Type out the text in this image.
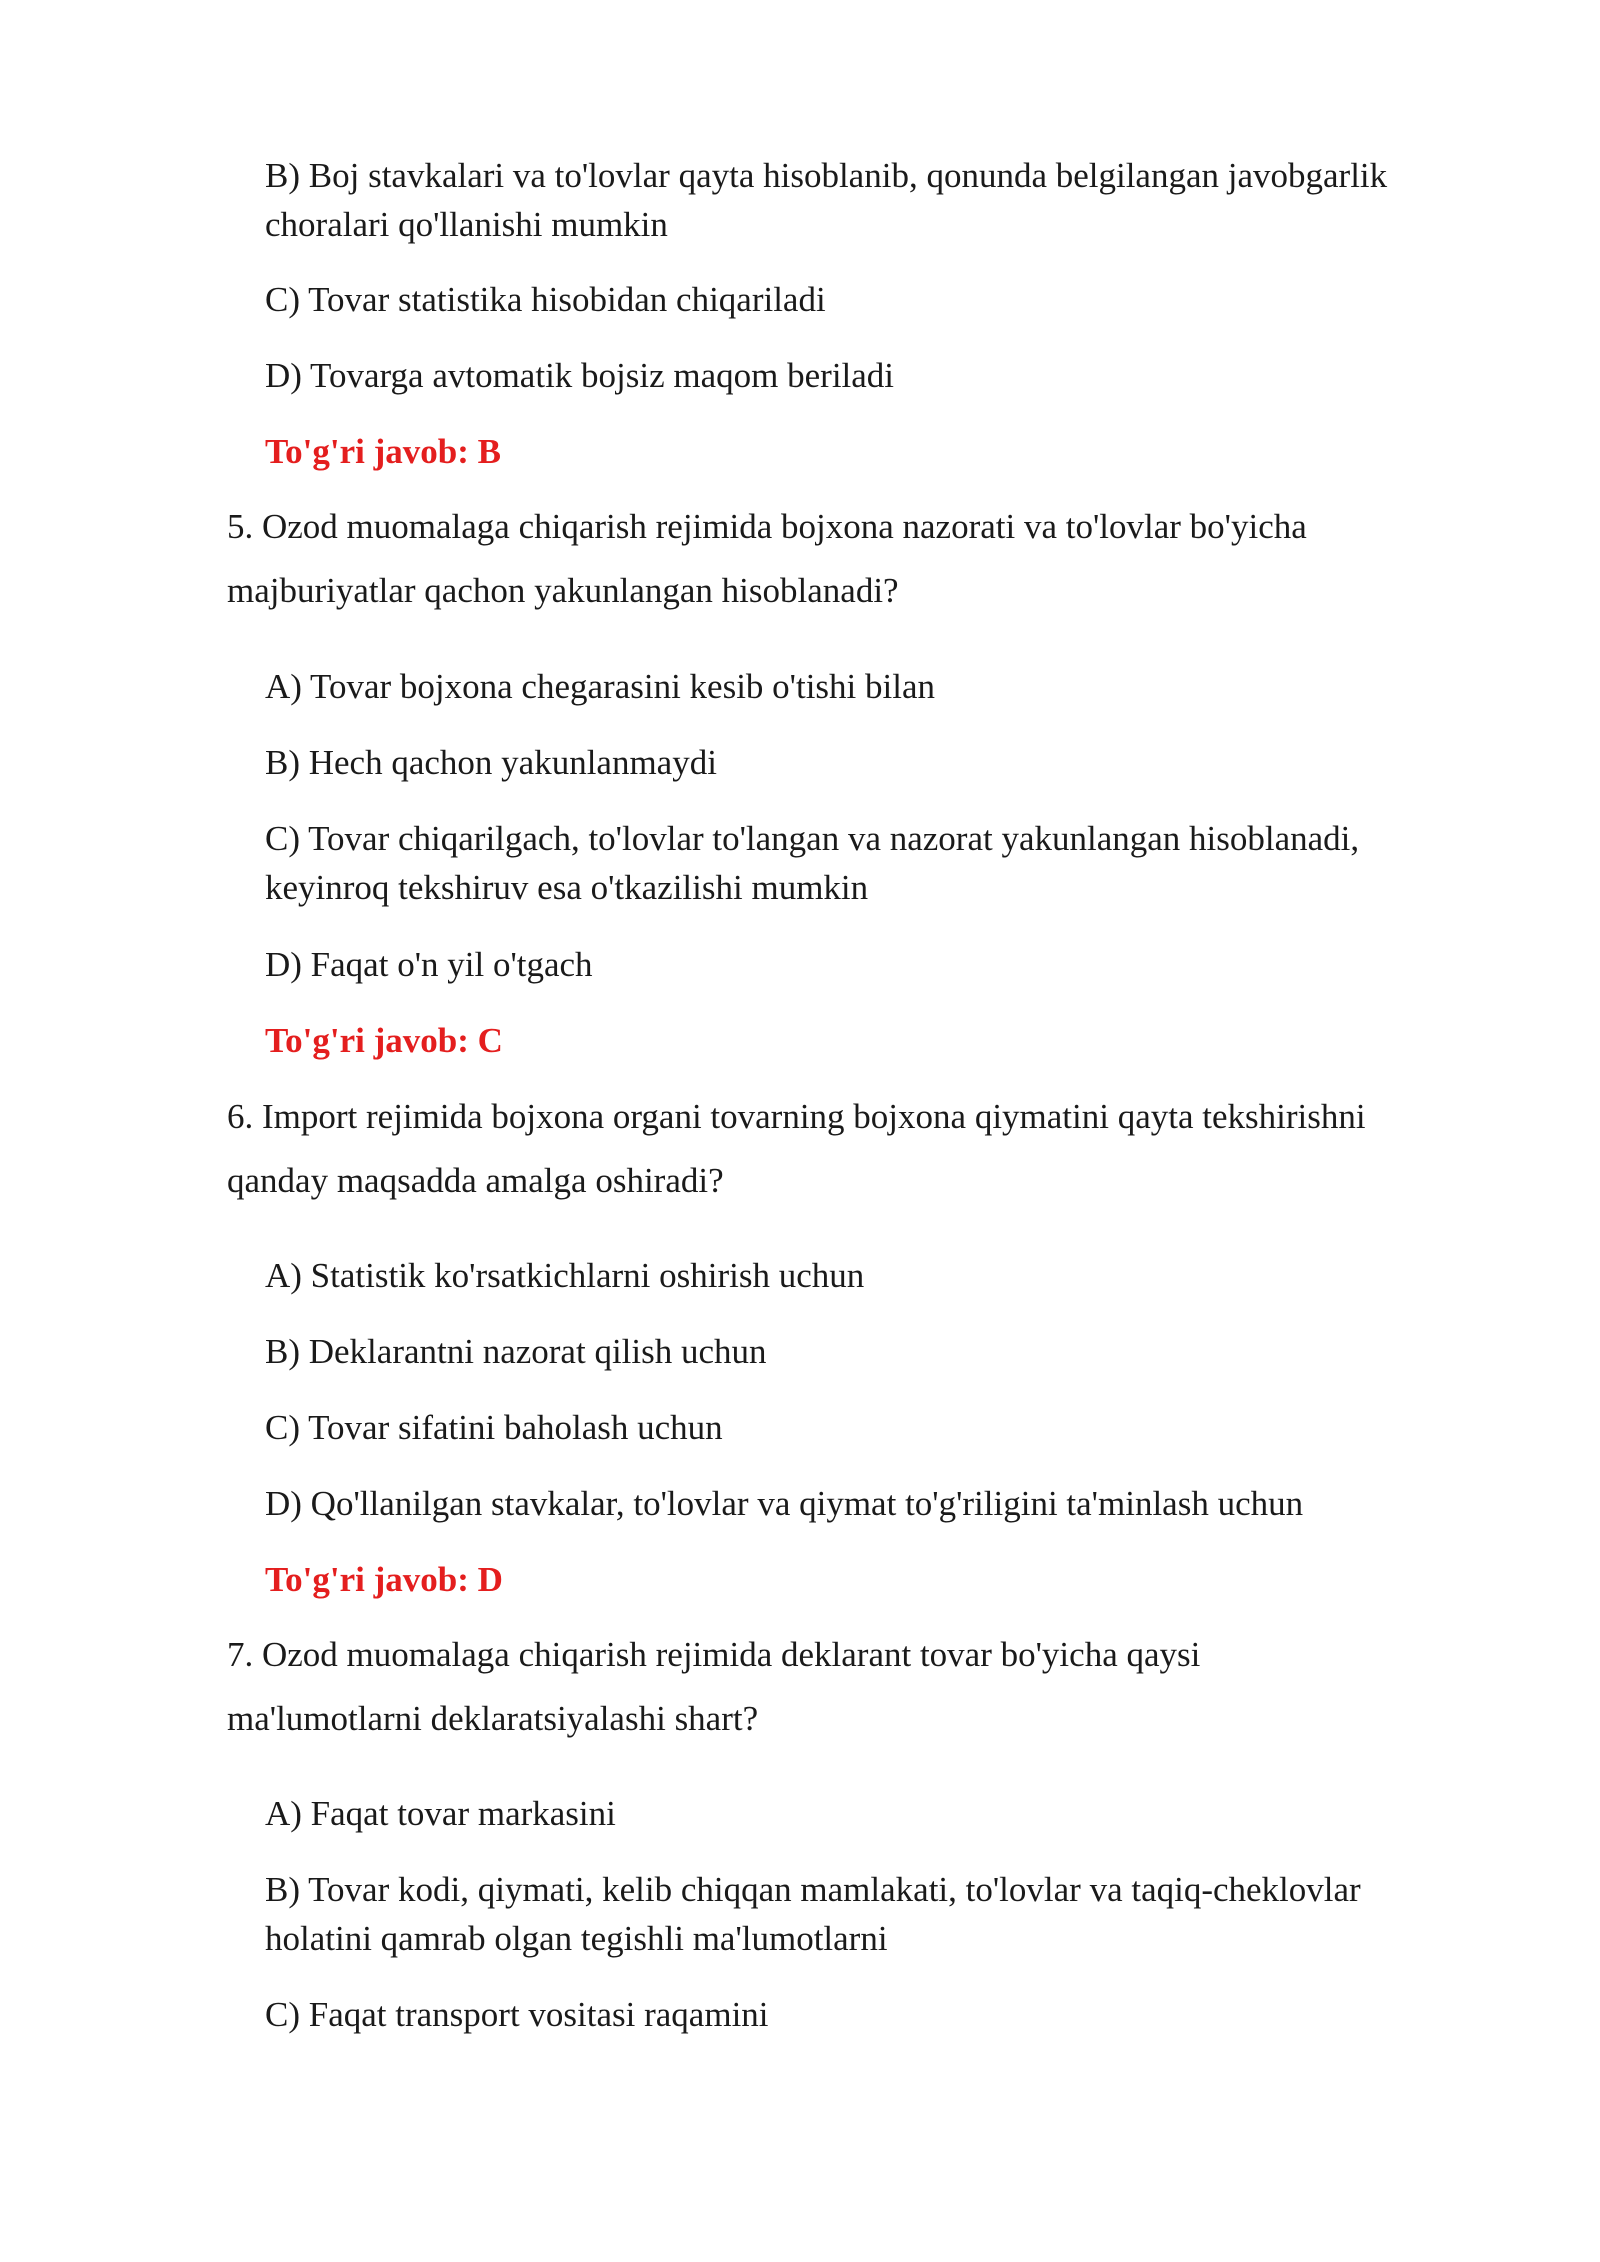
B) Boj stavkalari va to'lovlar qayta hisoblanib, qonunda belgilangan javobgarlik
choralari qo'llanishi mumkin

C) Tovar statistika hisobidan chiqariladi

D) Tovarga avtomatik bojsiz maqom beriladi

To'g'ri javob: B

5. Ozod muomalaga chiqarish rejimida bojxona nazorati va to'lovlar bo'yicha
majburiyatlar qachon yakunlangan hisoblanadi?

A) Tovar bojxona chegarasini kesib o'tishi bilan

B) Hech qachon yakunlanmaydi

C) Tovar chiqarilgach, to'lovlar to'langan va nazorat yakunlangan hisoblanadi,
keyinroq tekshiruv esa o'tkazilishi mumkin

D) Faqat o'n yil o'tgach

To'g'ri javob: C

6. Import rejimida bojxona organi tovarning bojxona qiymatini qayta tekshirishni
qanday maqsadda amalga oshiradi?

A) Statistik ko'rsatkichlarni oshirish uchun

B) Deklarantni nazorat qilish uchun

C) Tovar sifatini baholash uchun

D) Qo'llanilgan stavkalar, to'lovlar va qiymat to'g'riligini ta'minlash uchun

To'g'ri javob: D

7. Ozod muomalaga chiqarish rejimida deklarant tovar bo'yicha qaysi
ma'lumotlarni deklaratsiyalashi shart?

A) Faqat tovar markasini

B) Tovar kodi, qiymati, kelib chiqqan mamlakati, to'lovlar va taqiq-cheklovlar
holatini qamrab olgan tegishli ma'lumotlarni

C) Faqat transport vositasi raqamini
